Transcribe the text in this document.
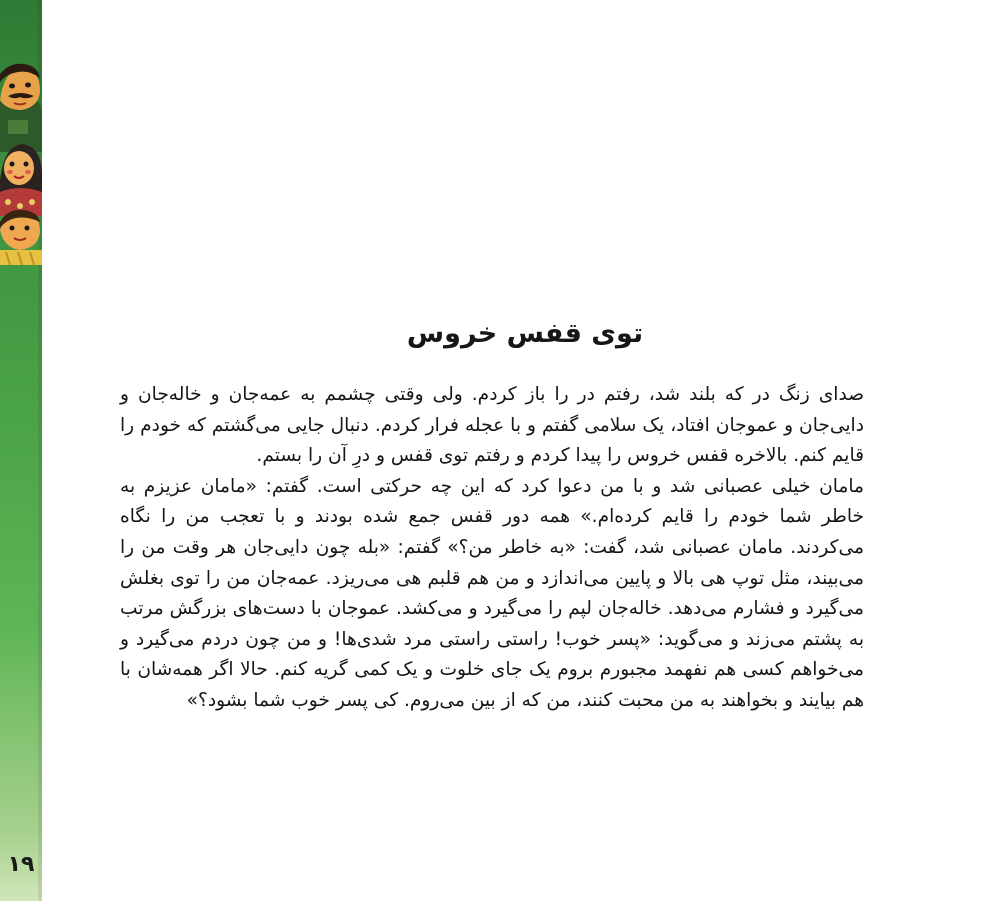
۱۹
توی قفس خروس

صدای زنگ در که بلند شد، رفتم در را باز کردم. ولی وقتی چشمم به عمه‌جان و خاله‌جان و دایی‌جان و عموجان افتاد، یک سلامی گفتم و با عجله فرار کردم. دنبال جایی می‌گشتم که خودم را قایم کنم. بالاخره قفس خروس را پیدا کردم و رفتم توی قفس و درِ آن را بستم.

مامان خیلی عصبانی شد و با من دعوا کرد که این چه حرکتی است. گفتم: «مامان عزیزم به خاطر شما خودم را قایم کرده‌ام.» همه دور قفس جمع شده بودند و با تعجب من را نگاه می‌کردند. مامان عصبانی شد، گفت: «به خاطر من؟» گفتم: «بله چون دایی‌جان هر وقت من را می‌بیند، مثل توپ هی بالا و پایین می‌اندازد و من هم قلبم هی می‌ریزد. عمه‌جان من را توی بغلش می‌گیرد و فشارم می‌دهد. خاله‌جان لپم را می‌گیرد و می‌کشد. عموجان با دست‌های بزرگش مرتب به پشتم می‌زند و می‌گوید: «پسر خوب! راستی راستی مرد شدی‌ها! و من چون دردم می‌گیرد و می‌خواهم کسی هم نفهمد مجبورم بروم یک جای خلوت و یک کمی گریه کنم. حالا اگر همه‌شان با هم بیایند و بخواهند به من محبت کنند، من که از بین می‌روم. کی پسر خوب شما بشود؟»
